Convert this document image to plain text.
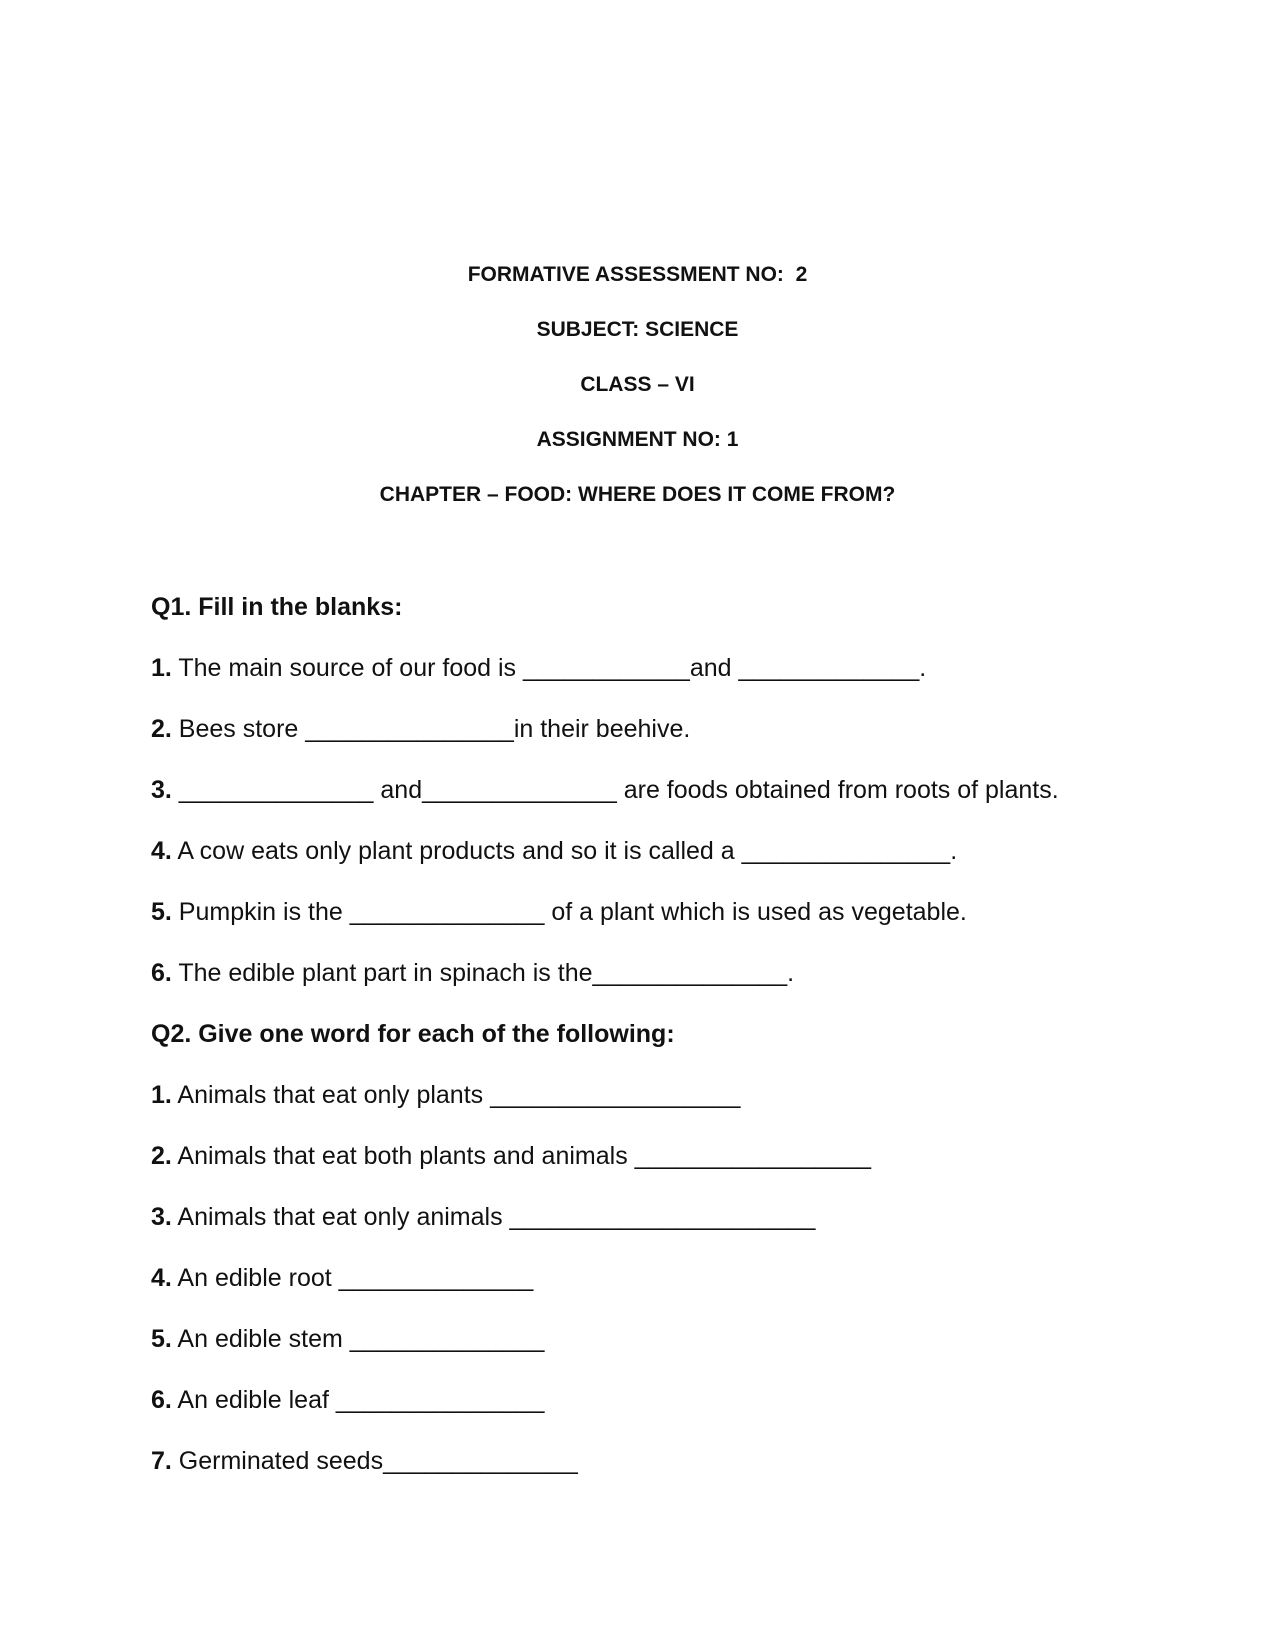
FORMATIVE ASSESSMENT NO:  2
SUBJECT: SCIENCE
CLASS – VI
ASSIGNMENT NO: 1
CHAPTER – FOOD: WHERE DOES IT COME FROM?
Q1. Fill in the blanks:
1. The main source of our food is ____________and _____________.
2. Bees store _______________in their beehive.
3. ______________ and______________ are foods obtained from roots of plants.
4. A cow eats only plant products and so it is called a _______________.
5. Pumpkin is the ______________ of a plant which is used as vegetable.
6. The edible plant part in spinach is the______________.
Q2. Give one word for each of the following:
1. Animals that eat only plants __________________
2. Animals that eat both plants and animals _________________
3. Animals that eat only animals ______________________
4. An edible root ______________
5. An edible stem ______________
6. An edible leaf _______________
7. Germinated seeds______________
